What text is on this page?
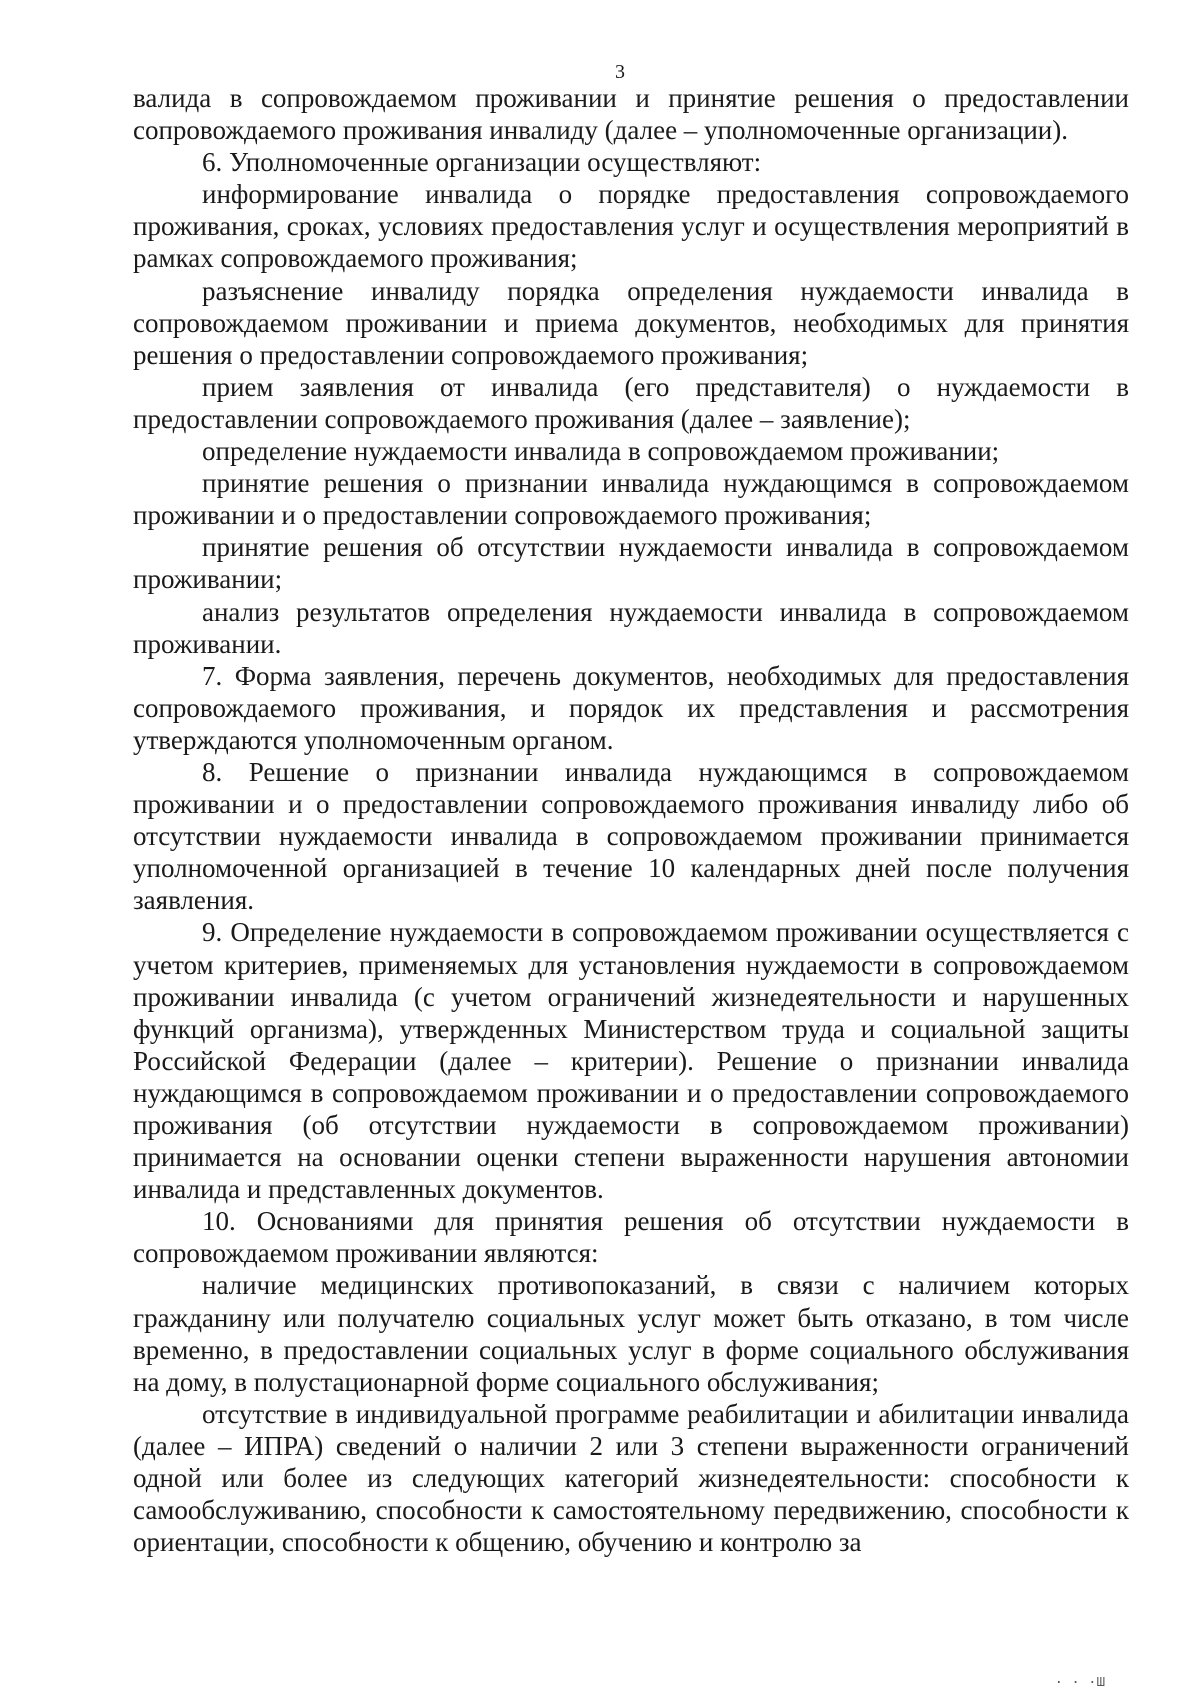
3

валида в сопровождаемом проживании и принятие решения о предоставлении сопровождаемого проживания инвалиду (далее – уполномоченные организации).

6. Уполномоченные организации осуществляют:

информирование инвалида о порядке предоставления сопровождаемого проживания, сроках, условиях предоставления услуг и осуществления мероприятий в рамках сопровождаемого проживания;

разъяснение инвалиду порядка определения нуждаемости инвалида в сопровождаемом проживании и приема документов, необходимых для принятия решения о предоставлении сопровождаемого проживания;

прием заявления от инвалида (его представителя) о нуждаемости в предоставлении сопровождаемого проживания (далее – заявление);

определение нуждаемости инвалида в сопровождаемом проживании;

принятие решения о признании инвалида нуждающимся в сопровождаемом проживании и о предоставлении сопровождаемого проживания;

принятие решения об отсутствии нуждаемости инвалида в сопровождаемом проживании;

анализ результатов определения нуждаемости инвалида в сопровождаемом проживании.

7. Форма заявления, перечень документов, необходимых для предоставления сопровождаемого проживания, и порядок их представления и рассмотрения утверждаются уполномоченным органом.

8. Решение о признании инвалида нуждающимся в сопровождаемом проживании и о предоставлении сопровождаемого проживания инвалиду либо об отсутствии нуждаемости инвалида в сопровождаемом проживании принимается уполномоченной организацией в течение 10 календарных дней после получения заявления.

9. Определение нуждаемости в сопровождаемом проживании осуществляется с учетом критериев, применяемых для установления нуждаемости в сопровождаемом проживании инвалида (с учетом ограничений жизнедеятельности и нарушенных функций организма), утвержденных Министерством труда и социальной защиты Российской Федерации (далее – критерии). Решение о признании инвалида нуждающимся в сопровождаемом проживании и о предоставлении сопровождаемого проживания (об отсутствии нуждаемости в сопровождаемом проживании) принимается на основании оценки степени выраженности нарушения автономии инвалида и представленных документов.

10. Основаниями для принятия решения об отсутствии нуждаемости в сопровождаемом проживании являются:

наличие медицинских противопоказаний, в связи с наличием которых гражданину или получателю социальных услуг может быть отказано, в том числе временно, в предоставлении социальных услуг в форме социального обслуживания на дому, в полустационарной форме социального обслуживания;

отсутствие в индивидуальной программе реабилитации и абилитации инвалида (далее – ИПРА) сведений о наличии 2 или 3 степени выраженности ограничений одной или более из следующих категорий жизнедеятельности: способности к самообслуживанию, способности к самостоятельному передвижению, способности к ориентации, способности к общению, обучению и контролю за

· · ·Ш
